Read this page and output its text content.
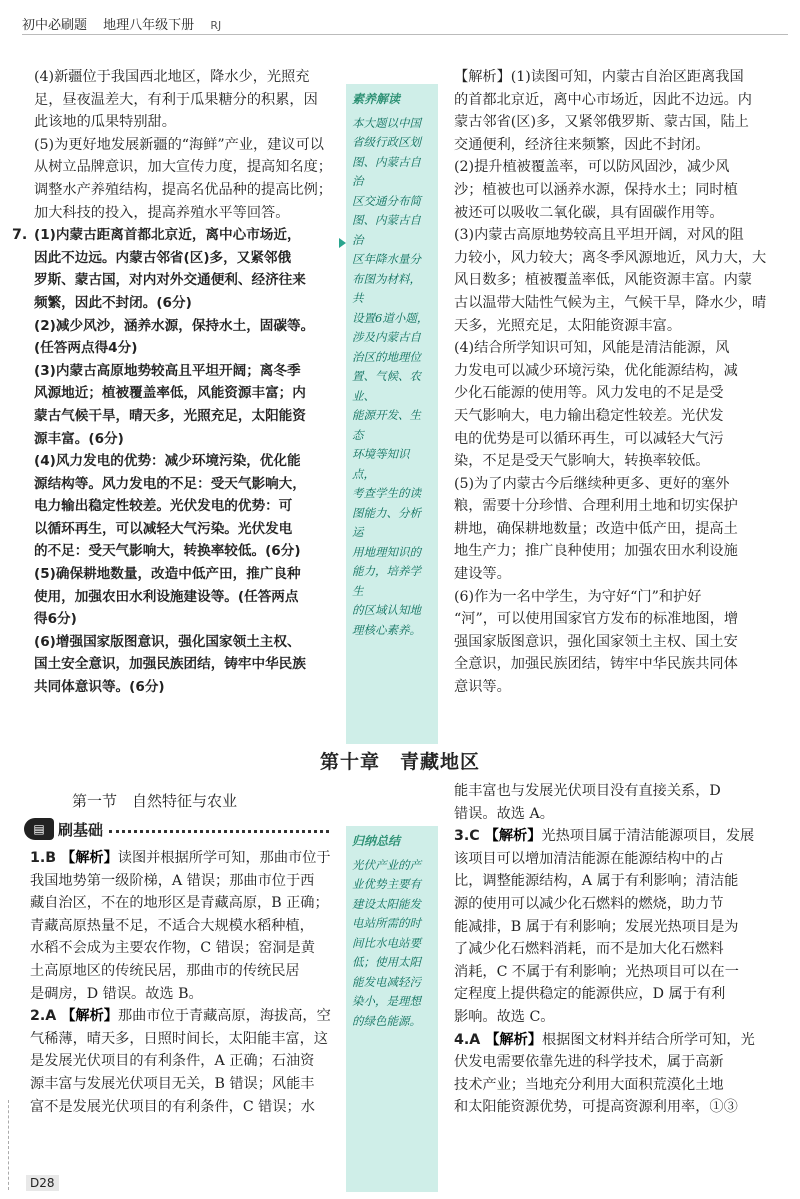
初中必刷题 地理八年级下册 RJ

(4)新疆位于我国西北地区，降水少，光照充

足，昼夜温差大，有利于瓜果糖分的积累，因

此该地的瓜果特别甜。

(5)为更好地发展新疆的“海鲜”产业，建议可以

从树立品牌意识，加大宣传力度，提高知名度；

调整水产养殖结构，提高名优品种的提高比例；

加大科技的投入，提高养殖水平等回答。

7. (1)内蒙古距离首都北京近，离中心市场近，

因此不边远。内蒙古邻省(区)多，又紧邻俄

罗斯、蒙古国，对内对外交通便利、经济往来

频繁，因此不封闭。(6分)

(2)减少风沙，涵养水源，保持水土，固碳等。

(任答两点得4分)

(3)内蒙古高原地势较高且平坦开阔；离冬季

风源地近；植被覆盖率低，风能资源丰富；内

蒙古气候干旱，晴天多，光照充足，太阳能资

源丰富。(6分)

(4)风力发电的优势：减少环境污染，优化能

源结构等。风力发电的不足：受天气影响大，

电力输出稳定性较差。光伏发电的优势：可

以循环再生，可以减轻大气污染。光伏发电

的不足：受天气影响大，转换率较低。(6分)

(5)确保耕地数量，改造中低产田，推广良种

使用，加强农田水利设施建设等。(任答两点

得6分)

(6)增强国家版图意识，强化国家领土主权、

国土安全意识，加强民族团结，铸牢中华民族

共同体意识等。(6分)

素养解读

本大题以中国

省级行政区划

图、内蒙古自治

区交通分布简

图、内蒙古自治

区年降水量分

布图为材料，共

设置6道小题，

涉及内蒙古自

治区的地理位

置、气候、农业、

能源开发、生态

环境等知识点，

考查学生的读

图能力、分析运

用地理知识的

能力，培养学生

的区域认知地

理核心素养。

【解析】(1)读图可知，内蒙古自治区距离我国

的首都北京近，离中心市场近，因此不边远。内

蒙古邻省(区)多，又紧邻俄罗斯、蒙古国，陆上

交通便利，经济往来频繁，因此不封闭。

(2)提升植被覆盖率，可以防风固沙，减少风

沙；植被也可以涵养水源，保持水土；同时植

被还可以吸收二氧化碳，具有固碳作用等。

(3)内蒙古高原地势较高且平坦开阔，对风的阻

力较小，风力较大；离冬季风源地近，风力大，大

风日数多；植被覆盖率低，风能资源丰富。内蒙

古以温带大陆性气候为主，气候干旱，降水少，晴

天多，光照充足，太阳能资源丰富。

(4)结合所学知识可知，风能是清洁能源，风

力发电可以减少环境污染，优化能源结构，减

少化石能源的使用等。风力发电的不足是受

天气影响大，电力输出稳定性较差。光伏发

电的优势是可以循环再生，可以减轻大气污

染，不足是受天气影响大，转换率较低。

(5)为了内蒙古今后继续种更多、更好的塞外

粮，需要十分珍惜、合理利用土地和切实保护

耕地，确保耕地数量；改造中低产田，提高土

地生产力；推广良种使用；加强农田水利设施

建设等。

(6)作为一名中学生，为守好“门”和护好

“河”，可以使用国家官方发布的标准地图，增

强国家版图意识，强化国家领土主权、国土安

全意识，加强民族团结，铸牢中华民族共同体

意识等。

第十章　青藏地区
第一节　自然特征与农业
▤ 刷基础

1.B 【解析】读图并根据所学可知，那曲市位于

我国地势第一级阶梯，A 错误；那曲市位于西

藏自治区，不在的地形区是青藏高原，B 正确；

青藏高原热量不足，不适合大规模水稻种植，

水稻不会成为主要农作物，C 错误；窑洞是黄

土高原地区的传统民居，那曲市的传统民居

是碉房，D 错误。故选 B。

2.A 【解析】那曲市位于青藏高原，海拔高，空

气稀薄，晴天多，日照时间长，太阳能丰富，这

是发展光伏项目的有利条件，A 正确；石油资

源丰富与发展光伏项目无关，B 错误；风能丰

富不是发展光伏项目的有利条件，C 错误；水

归纳总结

光伏产业的产

业优势主要有

建设太阳能发

电站所需的时

间比水电站要

低；使用太阳

能发电减轻污

染小，是理想

的绿色能源。

能丰富也与发展光伏项目没有直接关系，D

错误。故选 A。

3.C 【解析】光热项目属于清洁能源项目，发展

该项目可以增加清洁能源在能源结构中的占

比，调整能源结构，A 属于有利影响；清洁能

源的使用可以减少化石燃料的燃烧，助力节

能减排，B 属于有利影响；发展光热项目是为

了减少化石燃料消耗，而不是加大化石燃料

消耗，C 不属于有利影响；光热项目可以在一

定程度上提供稳定的能源供应，D 属于有利

影响。故选 C。

4.A 【解析】根据图文材料并结合所学可知，光

伏发电需要依靠先进的科学技术，属于高新

技术产业；当地充分利用大面积荒漠化土地

和太阳能资源优势，可提高资源利用率，①③

D28
